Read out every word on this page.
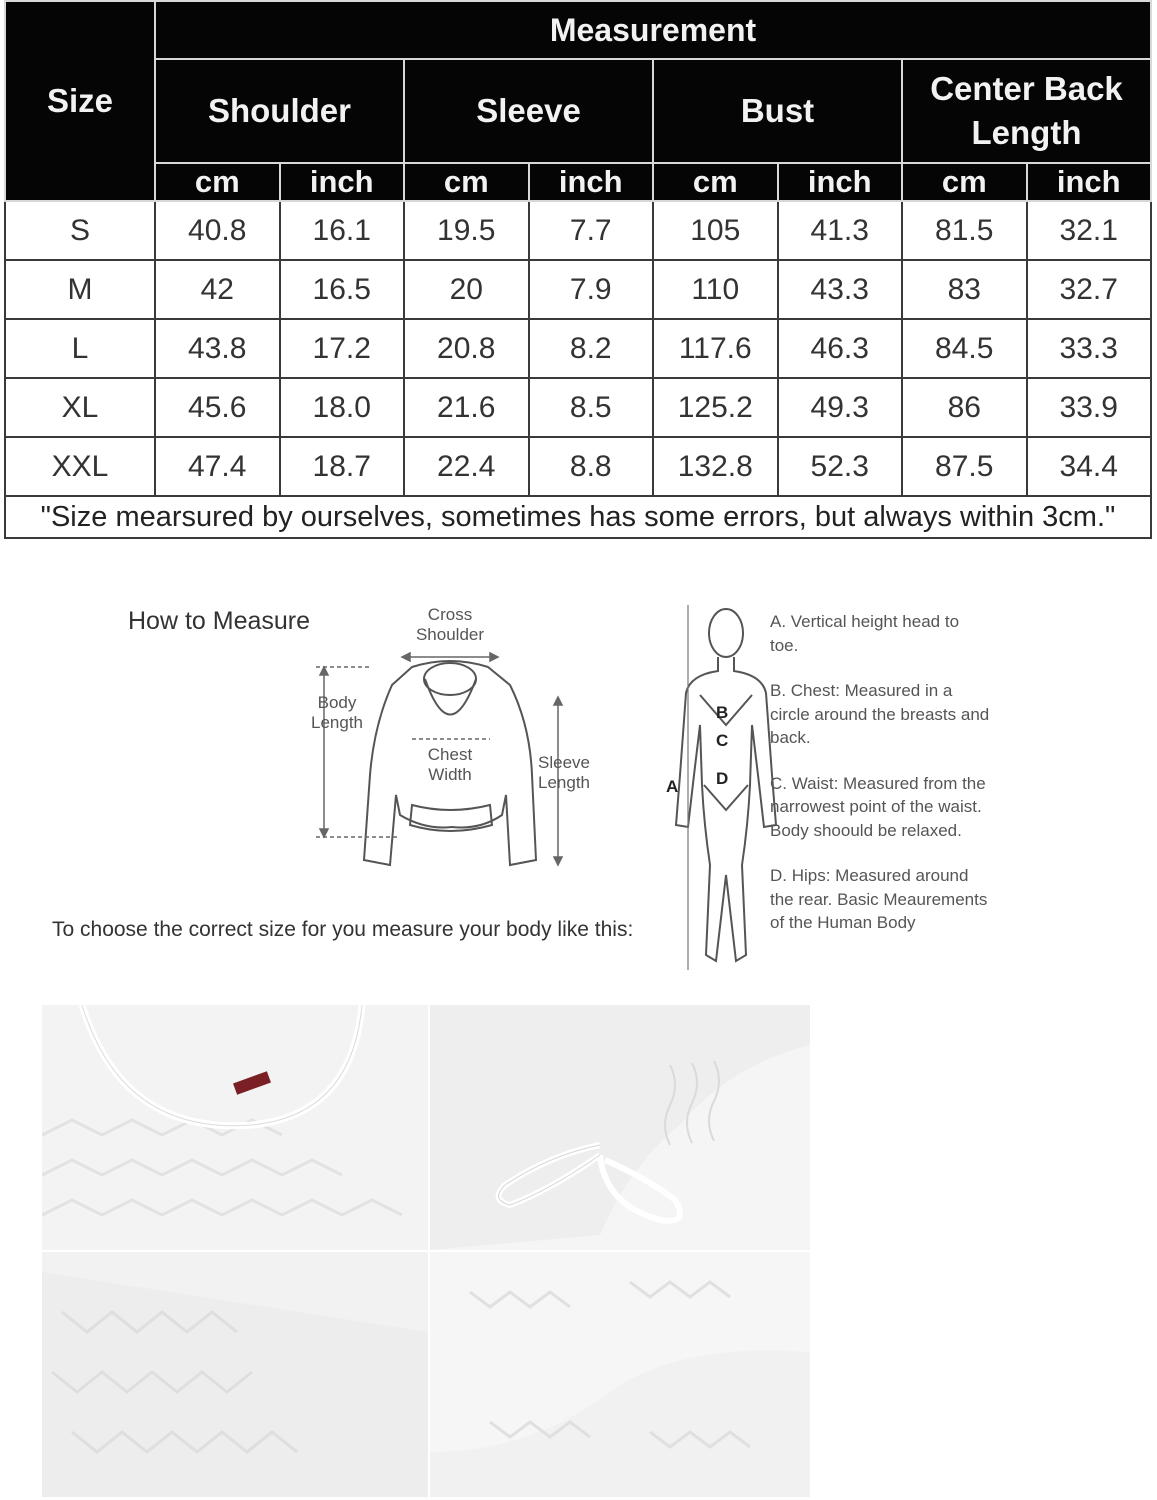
Size	Measurement							
	Shoulder		Sleeve		Bust		Center Back Length	

	cm	inch	cm	inch	cm	inch	cm	inch
S	40.8	16.1	19.5	7.7	105	41.3	81.5	32.1
M	42	16.5	20	7.9	110	43.3	83	32.7
L	43.8	17.2	20.8	8.2	117.6	46.3	84.5	33.3
XL	45.6	18.0	21.6	8.5	125.2	49.3	86	33.9
XXL	47.4	18.7	22.4	8.8	132.8	52.3	87.5	34.4
"Size mearsured by ourselves, sometimes has some errors, but always within 3cm."								
How to Measure	Cross Shoulder
Body Length
Chest Width
Sleeve Length
To choose the correct size for you measure your body like this:
A
B
C
D
A. Vertical height head to toe.
B. Chest: Measured in a circle around the breasts and back.
C. Waist: Measured from the narrowest point of the waist. Body shoould be relaxed.
D. Hips: Measured around the rear. Basic Meaurements of the Human Body
